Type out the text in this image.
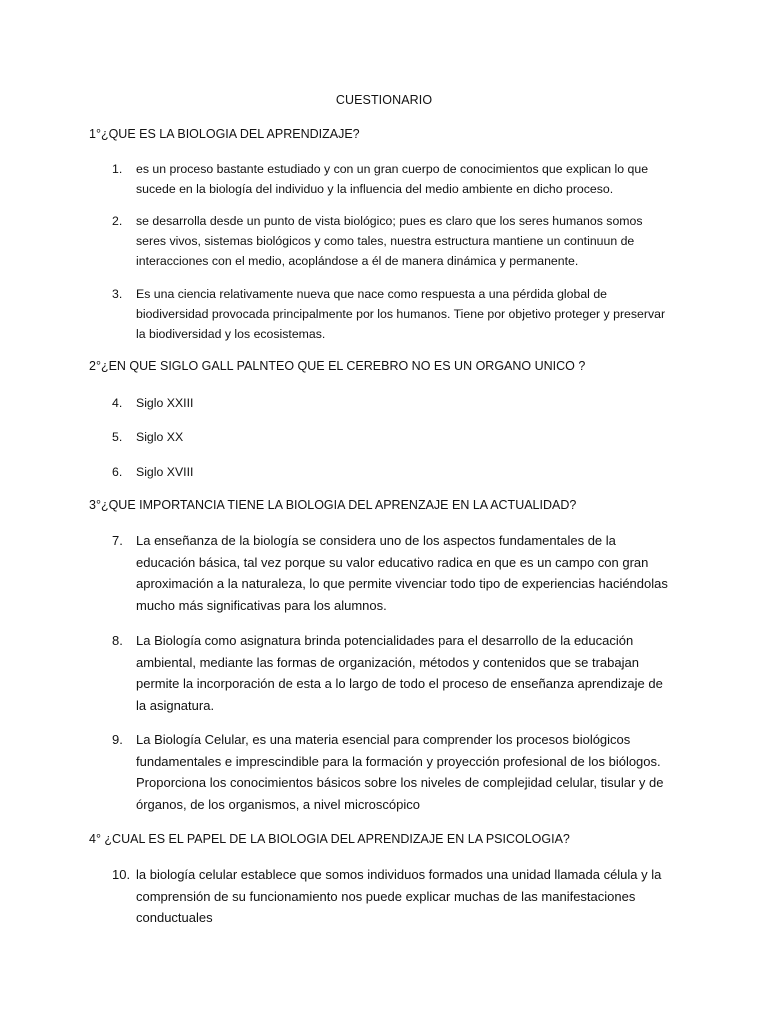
CUESTIONARIO
1°¿QUE ES LA BIOLOGIA DEL APRENDIZAJE?
1. es un proceso bastante estudiado y con un gran cuerpo de conocimientos que explican lo que sucede en la biología del individuo y la influencia del medio ambiente en dicho proceso.
2. se desarrolla desde un punto de vista biológico; pues es claro que los seres humanos somos seres vivos, sistemas biológicos y como tales, nuestra estructura mantiene un continuun de interacciones con el medio, acoplándose a él de manera dinámica y permanente.
3. Es una ciencia relativamente nueva que nace como respuesta a una pérdida global de biodiversidad provocada principalmente por los humanos. Tiene por objetivo proteger y preservar la biodiversidad y los ecosistemas.
2°¿EN QUE SIGLO GALL PALNTEO QUE EL CEREBRO NO ES UN ORGANO UNICO ?
4. Siglo XXIII
5. Siglo XX
6. Siglo XVIII
3°¿QUE IMPORTANCIA TIENE LA BIOLOGIA DEL APRENZAJE EN LA ACTUALIDAD?
7. La enseñanza de la biología se considera uno de los aspectos fundamentales de la educación básica, tal vez porque su valor educativo radica en que es un campo con gran aproximación a la naturaleza, lo que permite vivenciar todo tipo de experiencias haciéndolas mucho más significativas para los alumnos.
8. La Biología como asignatura brinda potencialidades para el desarrollo de la educación ambiental, mediante las formas de organización, métodos y contenidos que se trabajan permite la incorporación de esta a lo largo de todo el proceso de enseñanza aprendizaje de la asignatura.
9. La Biología Celular, es una materia esencial para comprender los procesos biológicos fundamentales e imprescindible para la formación y proyección profesional de los biólogos. Proporciona los conocimientos básicos sobre los niveles de complejidad celular, tisular y de órganos, de los organismos, a nivel microscópico
4° ¿CUAL ES EL PAPEL DE LA BIOLOGIA DEL APRENDIZAJE EN LA PSICOLOGIA?
10. la biología celular establece que somos individuos formados una unidad llamada célula y la comprensión de su funcionamiento nos puede explicar muchas de las manifestaciones conductuales
